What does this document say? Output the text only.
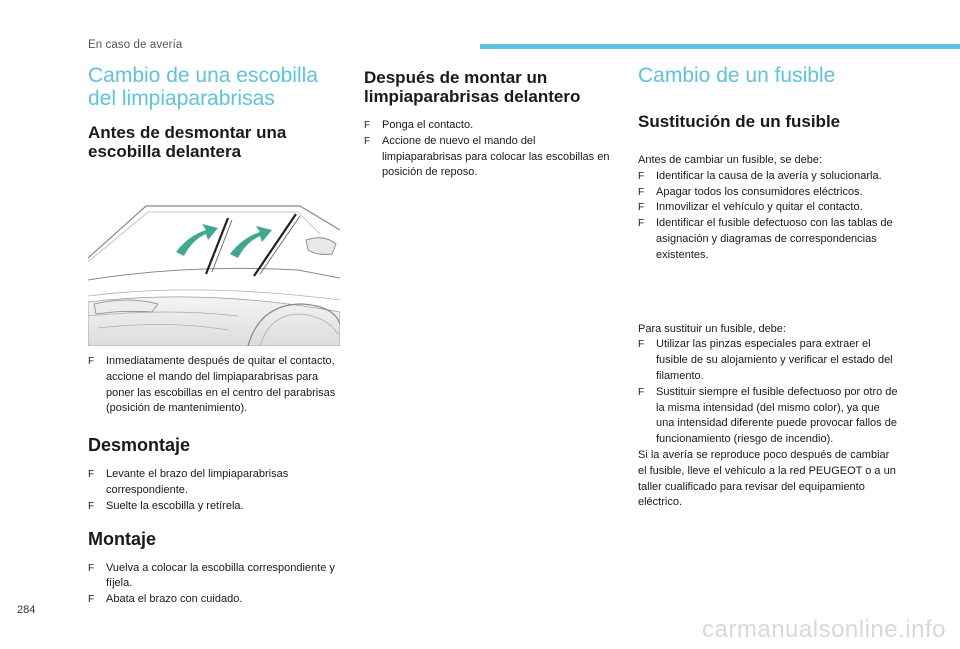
En caso de avería
Cambio de una escobilla
del limpiaparabrisas
Antes de desmontar una
escobilla delantera
F Inmediatamente después de quitar el contacto, accione el mando del limpiaparabrisas para poner las escobillas en el centro del parabrisas (posición de mantenimiento).
Desmontaje
F Levante el brazo del limpiaparabrisas correspondiente.
F Suelte la escobilla y retírela.
Montaje
F Vuelva a colocar la escobilla correspondiente y fíjela.
F Abata el brazo con cuidado.
Después de montar un
limpiaparabrisas delantero
F Ponga el contacto.
F Accione de nuevo el mando del limpiaparabrisas para colocar las escobillas en posición de reposo.
Cambio de un fusible
Sustitución de un fusible

Antes de cambiar un fusible, se debe:

F Identificar la causa de la avería y solucionarla.
F Apagar todos los consumidores eléctricos.
F Inmovilizar el vehículo y quitar el contacto.
F Identificar el fusible defectuoso con las tablas de asignación y diagramas de correspondencias existentes.

Para sustituir un fusible, debe:

F Utilizar las pinzas especiales para extraer el fusible de su alojamiento y verificar el estado del filamento.
F Sustituir siempre el fusible defectuoso por otro de la misma intensidad (del mismo color), ya que una intensidad diferente puede provocar fallos de funcionamiento (riesgo de incendio).

Si la avería se reproduce poco después de cambiar el fusible, lleve el vehículo a la red PEUGEOT o a un taller cualificado para revisar del equipamiento eléctrico.

284
carmanualsonline.info
